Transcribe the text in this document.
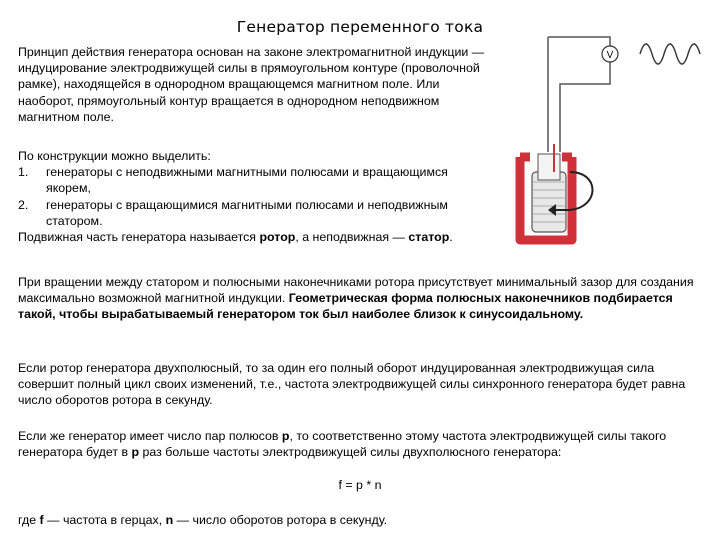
Генератор переменного тока
Принцип действия генератора основан на законе электромагнитной индукции — индуцирование электродвижущей силы в прямоугольном контуре (проволочной рамке), находящейся в однородном вращающемся магнитном поле. Или наоборот, прямоугольный контур вращается в однородном неподвижном магнитном поле.
По конструкции можно выделить:
1.	генераторы с неподвижными магнитными полюсами и вращающимся якорем,
2.	генераторы с вращающимися магнитными полюсами и неподвижным статором.
Подвижная часть генератора называется ротор, а неподвижная — статор.
V
При вращении между статором и полюсными наконечниками ротора присутствует минимальный зазор для создания максимально возможной магнитной индукции. Геометрическая форма полюсных наконечников подбирается такой, чтобы вырабатываемый генератором ток был наиболее близок к синусоидальному.
Если ротор генератора двухполюсный, то за один его полный оборот индуцированная электродвижущая сила совершит полный цикл своих изменений, т.е., частота электродвижущей силы синхронного генератора будет равна число оборотов ротора в секунду.
Если же генератор имеет число пар полюсов p, то соответственно этому частота электродвижущей силы такого генератора будет в p раз больше частоты электродвижущей силы двухполюсного генератора:
f = p * n
где f — частота в герцах, n — число оборотов ротора в секунду.
